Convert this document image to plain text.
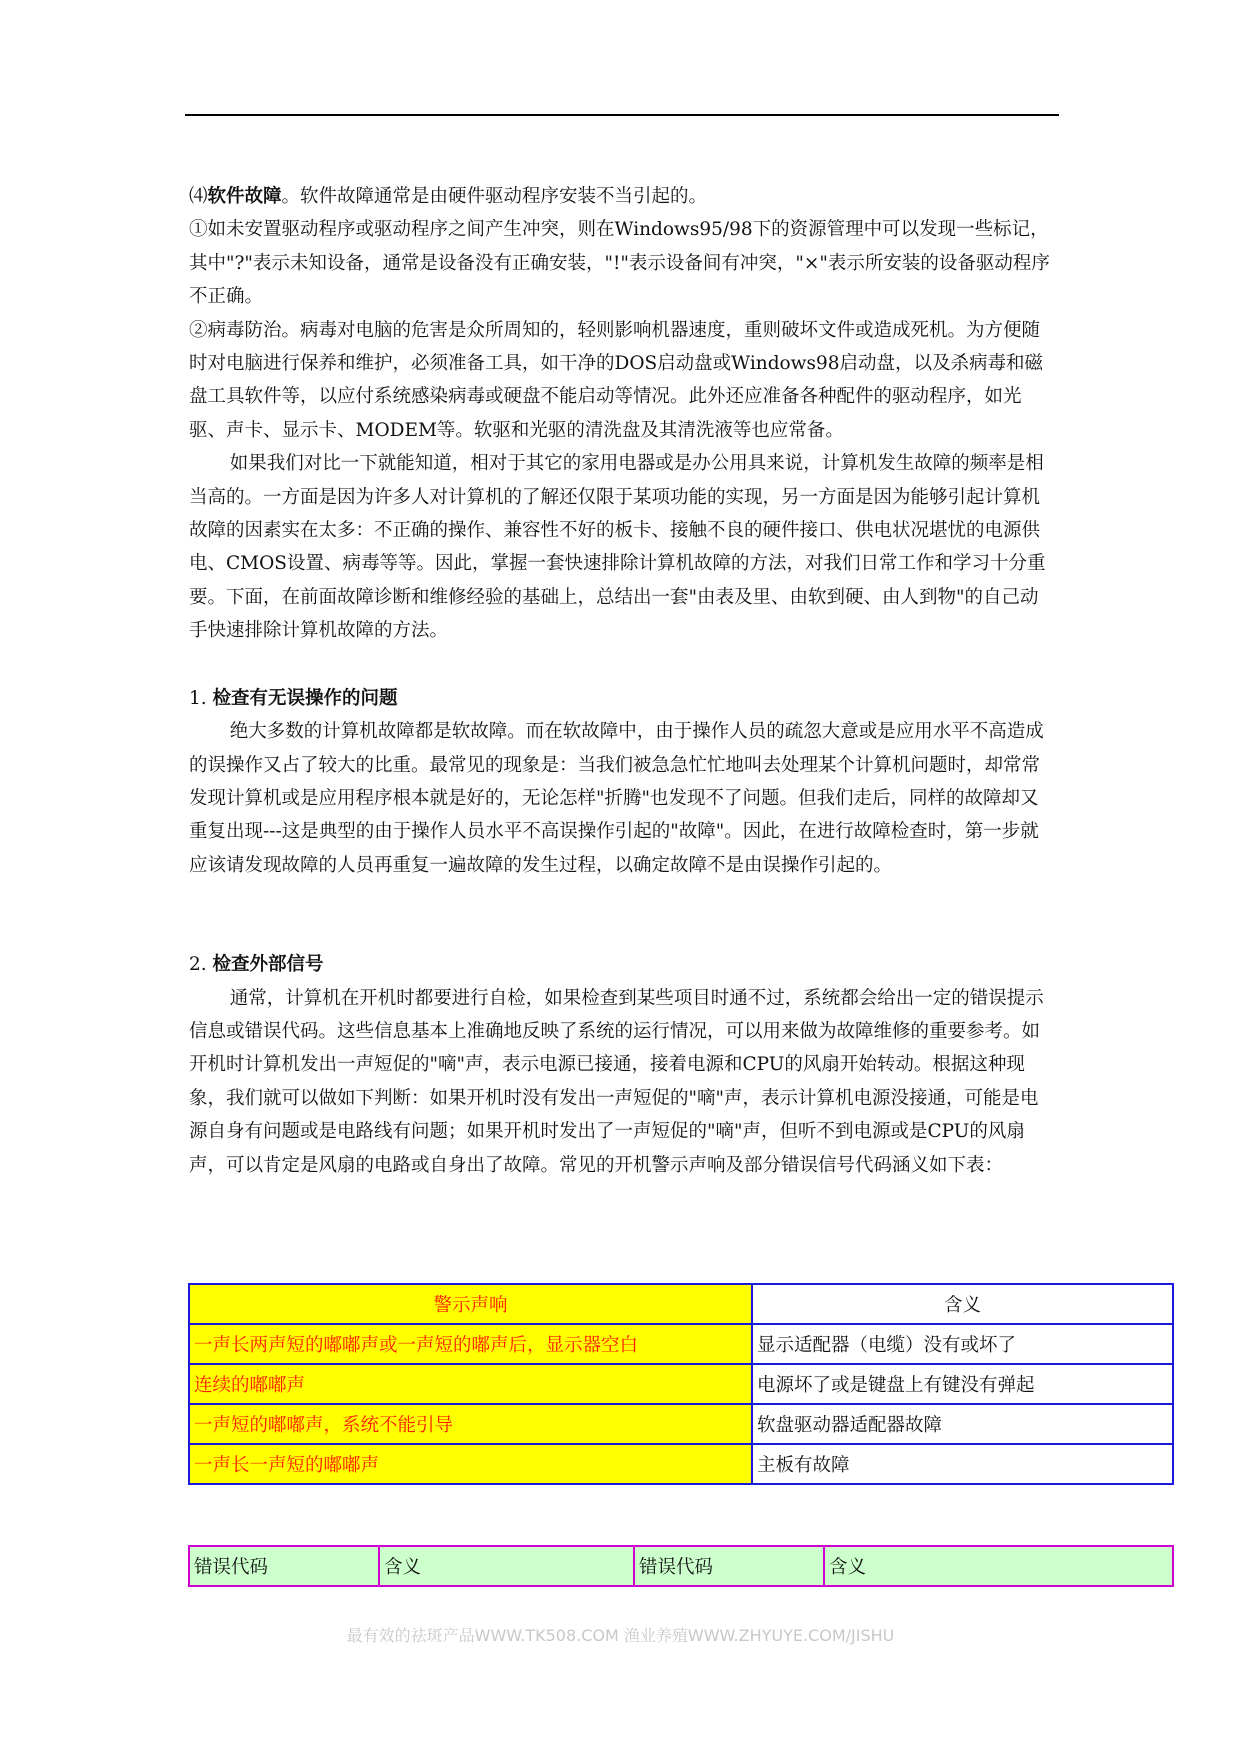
⑷软件故障。软件故障通常是由硬件驱动程序安装不当引起的。

①如未安置驱动程序或驱动程序之间产生冲突，则在Windows95/98下的资源管理中可以发现一些标记，其中"?"表示未知设备，通常是设备没有正确安装，"!"表示设备间有冲突，"×"表示所安装的设备驱动程序不正确。

②病毒防治。病毒对电脑的危害是众所周知的，轻则影响机器速度，重则破坏文件或造成死机。为方便随时对电脑进行保养和维护，必须准备工具，如干净的DOS启动盘或Windows98启动盘，以及杀病毒和磁盘工具软件等，以应付系统感染病毒或硬盘不能启动等情况。此外还应准备各种配件的驱动程序，如光驱、声卡、显示卡、MODEM等。软驱和光驱的清洗盘及其清洗液等也应常备。

如果我们对比一下就能知道，相对于其它的家用电器或是办公用具来说，计算机发生故障的频率是相当高的。一方面是因为许多人对计算机的了解还仅限于某项功能的实现，另一方面是因为能够引起计算机故障的因素实在太多：不正确的操作、兼容性不好的板卡、接触不良的硬件接口、供电状况堪忧的电源供电、CMOS设置、病毒等等。因此，掌握一套快速排除计算机故障的方法，对我们日常工作和学习十分重要。下面，在前面故障诊断和维修经验的基础上，总结出一套"由表及里、由软到硬、由人到物"的自己动手快速排除计算机故障的方法。

1. 检查有无误操作的问题

绝大多数的计算机故障都是软故障。而在软故障中，由于操作人员的疏忽大意或是应用水平不高造成的误操作又占了较大的比重。最常见的现象是：当我们被急急忙忙地叫去处理某个计算机问题时，却常常发现计算机或是应用程序根本就是好的，无论怎样"折腾"也发现不了问题。但我们走后，同样的故障却又重复出现---这是典型的由于操作人员水平不高误操作引起的"故障"。因此，在进行故障检查时，第一步就应该请发现故障的人员再重复一遍故障的发生过程，以确定故障不是由误操作引起的。

2. 检查外部信号

通常，计算机在开机时都要进行自检，如果检查到某些项目时通不过，系统都会给出一定的错误提示信息或错误代码。这些信息基本上准确地反映了系统的运行情况，可以用来做为故障维修的重要参考。如开机时计算机发出一声短促的"嘀"声，表示电源已接通，接着电源和CPU的风扇开始转动。根据这种现象，我们就可以做如下判断：如果开机时没有发出一声短促的"嘀"声，表示计算机电源没接通，可能是电源自身有问题或是电路线有问题；如果开机时发出了一声短促的"嘀"声，但听不到电源或是CPU的风扇声，可以肯定是风扇的电路或自身出了故障。常见的开机警示声响及部分错误信号代码涵义如下表：

警示声响	含义
一声长两声短的嘟嘟声或一声短的嘟声后，显示器空白	显示适配器（电缆）没有或坏了
连续的嘟嘟声	电源坏了或是键盘上有键没有弹起
一声短的嘟嘟声，系统不能引导	软盘驱动器适配器故障
一声长一声短的嘟嘟声	主板有故障
错误代码	含义	错误代码	含义
最有效的祛斑产品WWW.TK508.COM 渔业养殖WWW.ZHYUYE.COM/JISHU
